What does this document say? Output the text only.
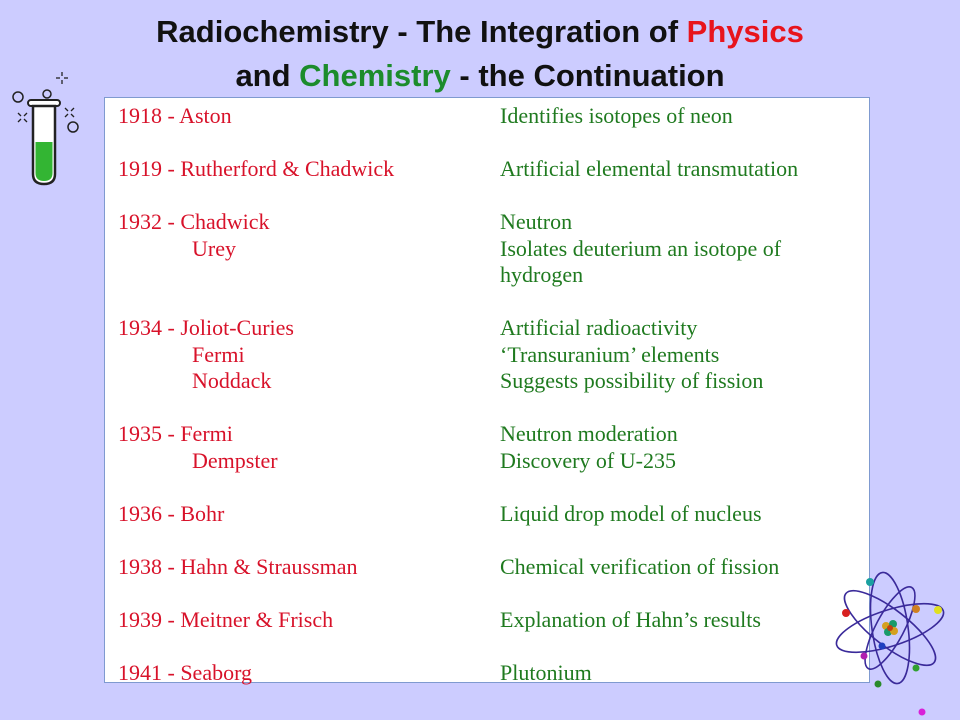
Radiochemistry - The Integration of Physics
and Chemistry - the Continuation
1918 - Aston
1919 - Rutherford & Chadwick
1932 - Chadwick
Urey
1934 - Joliot-Curies
Fermi
Noddack
1935 - Fermi
Dempster
1936 - Bohr
1938 - Hahn & Straussman
1939 - Meitner & Frisch
1941 - Seaborg
Identifies isotopes of neon
Artificial elemental transmutation
Neutron
Isolates deuterium an isotope of
hydrogen
Artificial radioactivity
‘Transuranium’ elements
Suggests possibility of fission
Neutron moderation
Discovery of U-235
Liquid drop model of nucleus
Chemical verification of fission
Explanation of Hahn’s results
Plutonium
